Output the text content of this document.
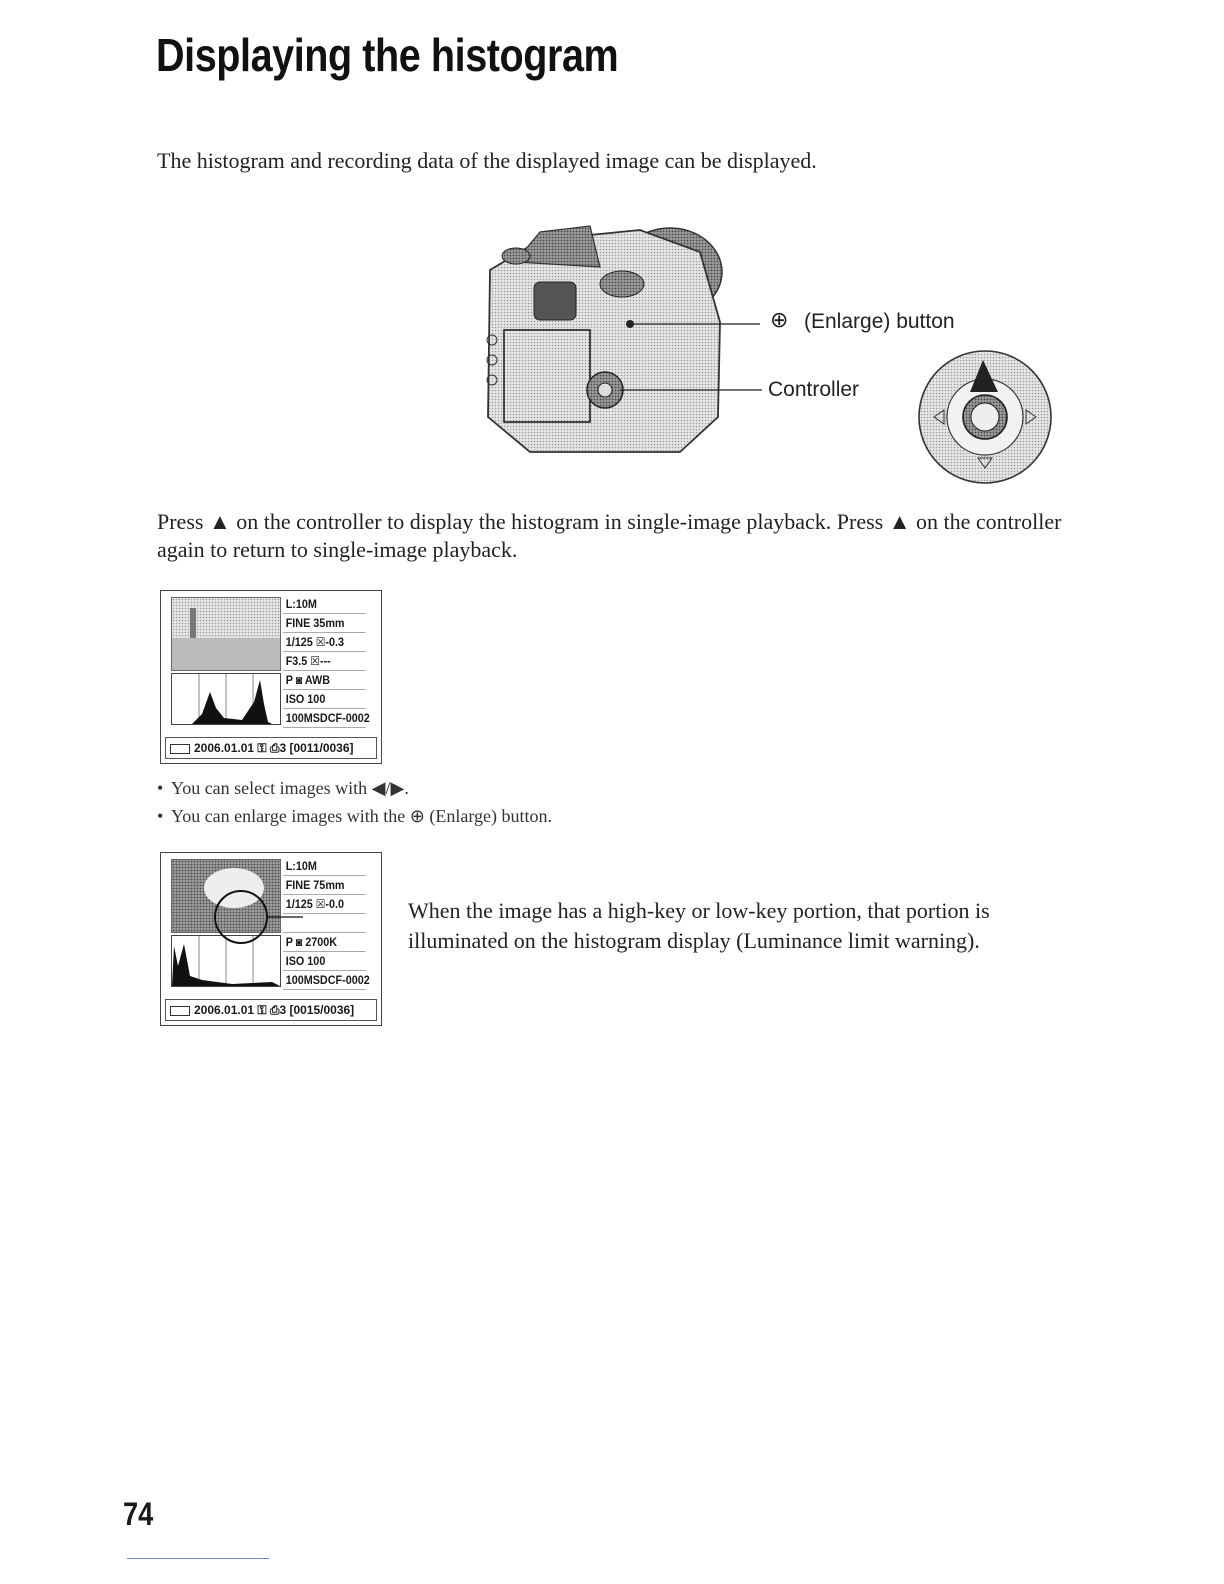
Displaying the histogram

The histogram and recording data of the displayed image can be displayed.

⊕ (Enlarge) button
Controller

Press ▲ on the controller to display the histogram in single-image playback. Press ▲ on the controller again to return to single-image playback.

L:10M
FINE 35mm
1/125 ☒-0.3
F3.5 ☒---
P ◙ AWB
ISO 100
100MSDCF-0002
2006.01.01 ⚿ ⎙3 [0011/0036]
• You can select images with ◀/▶.
• You can enlarge images with the ⊕ (Enlarge) button.
L:10M
FINE 75mm
1/125 ☒-0.0
P ◙ 2700K
ISO 100
100MSDCF-0002
2006.01.01 ⚿ ⎙3 [0015/0036]

When the image has a high-key or low-key portion, that portion is illuminated on the histogram display (Luminance limit warning).

74
